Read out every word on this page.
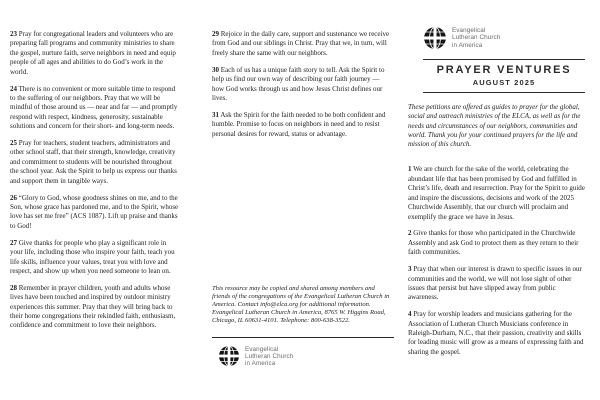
23 Pray for congregational leaders and volunteers who are preparing fall programs and community ministries to share the gospel, nurture faith, serve neighbors in need and equip people of all ages and abilities to do God’s work in the world.

24 There is no convenient or more suitable time to respond to the suffering of our neighbors. Pray that we will be mindful of those around us — near and far — and promptly respond with respect, kindness, generosity, sustainable solutions and concern for their short- and long-term needs.

25 Pray for teachers, student teachers, administrators and other school staff, that their strength, knowledge, creativity and commitment to students will be nourished throughout the school year. Ask the Spirit to help us express our thanks and support them in tangible ways.

26 “Glory to God, whose goodness shines on me, and to the Son, whose grace has pardoned me, and to the Spirit, whose love has set me free” (ACS 1087). Lift up praise and thanks to God!

27 Give thanks for people who play a significant role in your life, including those who inspire your faith, teach you life skills, influence your values, treat you with love and respect, and show up when you need someone to lean on.

28 Remember in prayer children, youth and adults whose lives have been touched and inspired by outdoor ministry experiences this summer. Pray that they will bring back to their home congregations their rekindled faith, enthusiasm, confidence and commitment to love their neighbors.

29 Rejoice in the daily care, support and sustenance we receive from God and our siblings in Christ. Pray that we, in turn, will freely share the same with our neighbors.

30 Each of us has a unique faith story to tell. Ask the Spirit to help us find our own way of describing our faith journey — how God works through us and how Jesus Christ defines our lives.

31 Ask the Spirit for the faith needed to be both confident and humble. Promise to focus on neighbors in need and to resist personal desires for reward, status or advantage.

This resource may be copied and shared among members and friends of the congregations of the Evangelical Lutheran Church in America. Contact info@elca.org for additional information. Evangelical Lutheran Church in America, 8765 W. Higgins Road, Chicago, IL 60631-4101. Telephone: 800-638-3522.

Evangelical
Lutheran Church
in America
Evangelical
Lutheran Church
in America
PRAYER VENTURES
AUGUST 2025

These petitions are offered as guides to prayer for the global, social and outreach ministries of the ELCA, as well as for the needs and circumstances of our neighbors, communities and world. Thank you for your continued prayers for the life and mission of this church.

1 We are church for the sake of the world, celebrating the abundant life that has been promised by God and fulfilled in Christ’s life, death and resurrection. Pray for the Spirit to guide and inspire the discussions, decisions and work of the 2025 Churchwide Assembly, that our church will proclaim and exemplify the grace we have in Jesus.

2 Give thanks for those who participated in the Churchwide Assembly and ask God to protect them as they return to their faith communities.

3 Pray that when our interest is drawn to specific issues in our communities and the world, we will not lose sight of other issues that persist but have slipped away from public awareness.

4 Pray for worship leaders and musicians gathering for the Association of Lutheran Church Musicians conference in Raleigh-Durham, N.C., that their passion, creativity and skills for leading music will grow as a means of expressing faith and sharing the gospel.
